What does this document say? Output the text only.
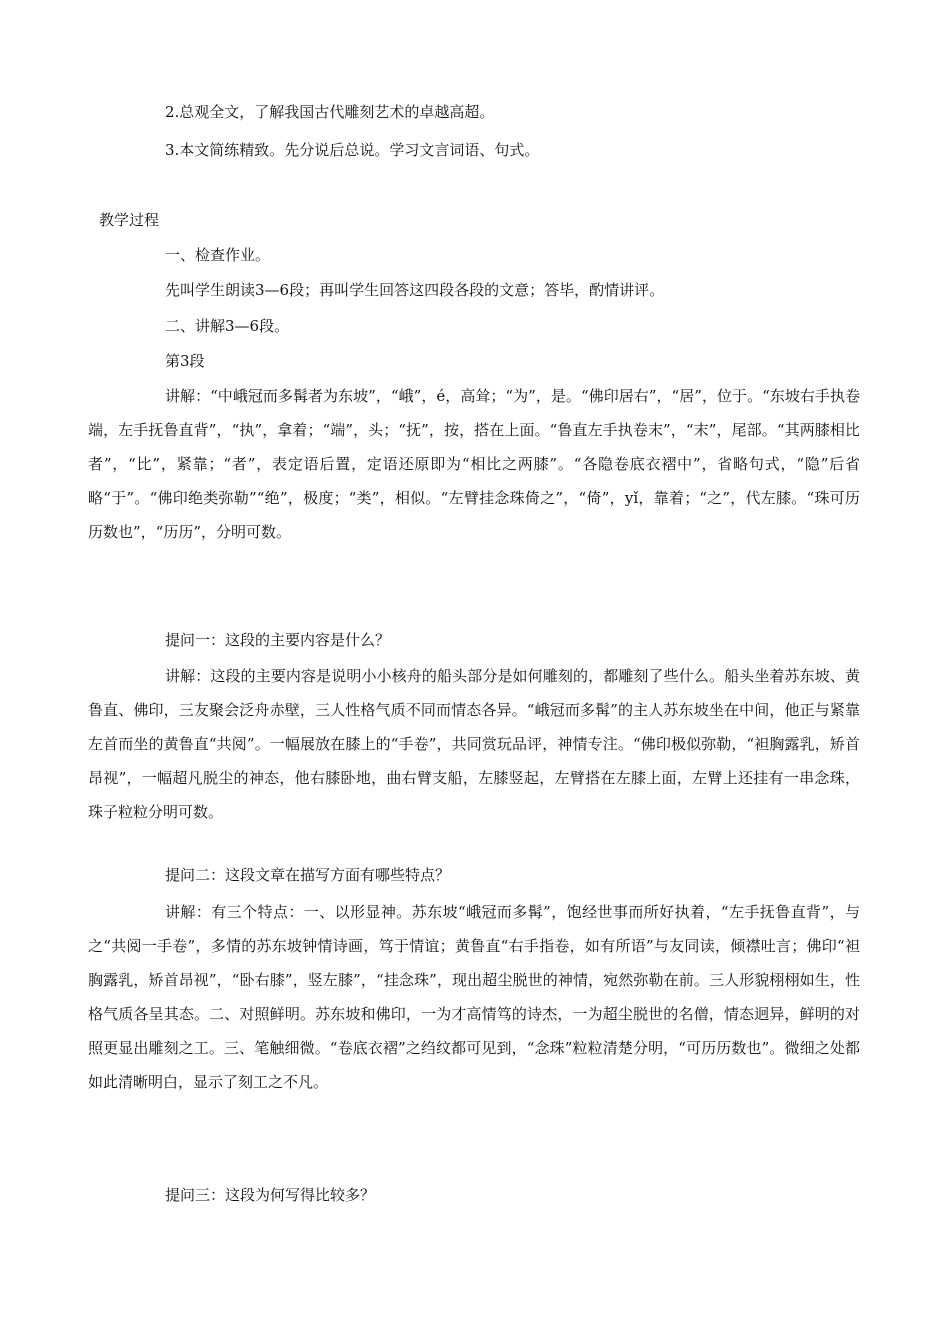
2.总观全文，了解我国古代雕刻艺术的卓越高超。
3.本文简练精致。先分说后总说。学习文言词语、句式。
教学过程
一、检查作业。
先叫学生朗读3—6段；再叫学生回答这四段各段的文意；答毕，酌情讲评。
二、讲解3—6段。
第3段
讲解：“中峨冠而多髯者为东坡”，“峨”，é，高耸；“为”，是。“佛印居右”，“居”，位于。“东坡右手执卷端，左手抚鲁直背”，“执”，拿着；“端”，头；“抚”，按，搭在上面。“鲁直左手执卷末”，“末”，尾部。“其两膝相比者”，“比”，紧靠；“者”，表定语后置，定语还原即为“相比之两膝”。“各隐卷底衣褶中”，省略句式，“隐”后省略“于”。“佛印绝类弥勒”“绝”，极度；“类”，相似。“左臂挂念珠倚之”，“倚”，yǐ，靠着；“之”，代左膝。“珠可历历数也”，“历历”，分明可数。
提问一：这段的主要内容是什么？
讲解：这段的主要内容是说明小小核舟的船头部分是如何雕刻的，都雕刻了些什么。船头坐着苏东坡、黄鲁直、佛印，三友聚会泛舟赤壁，三人性格气质不同而情态各异。“峨冠而多髯”的主人苏东坡坐在中间，他正与紧靠左首而坐的黄鲁直“共阅”。一幅展放在膝上的“手卷”，共同赏玩品评，神情专注。“佛印极似弥勒，“袒胸露乳，矫首昂视”，一幅超凡脱尘的神态，他右膝卧地，曲右臂支船，左膝竖起，左臂搭在左膝上面，左臂上还挂有一串念珠，珠子粒粒分明可数。
提问二：这段文章在描写方面有哪些特点？
讲解：有三个特点：一、以形显神。苏东坡“峨冠而多髯”，饱经世事而所好执着，“左手抚鲁直背”，与之“共阅一手卷”，多情的苏东坡钟情诗画，笃于情谊；黄鲁直“右手指卷，如有所语”与友同读，倾襟吐言；佛印“袒胸露乳，矫首昂视”，“卧右膝”，竖左膝”，“挂念珠”，现出超尘脱世的神情，宛然弥勒在前。三人形貌栩栩如生，性格气质各呈其态。二、对照鲜明。苏东坡和佛印，一为才高情笃的诗杰，一为超尘脱世的名僧，情态迥异，鲜明的对照更显出雕刻之工。三、笔触细微。“卷底衣褶”之绉纹都可见到，“念珠”粒粒清楚分明，“可历历数也”。微细之处都如此清晰明白，显示了刻工之不凡。
提问三：这段为何写得比较多？
